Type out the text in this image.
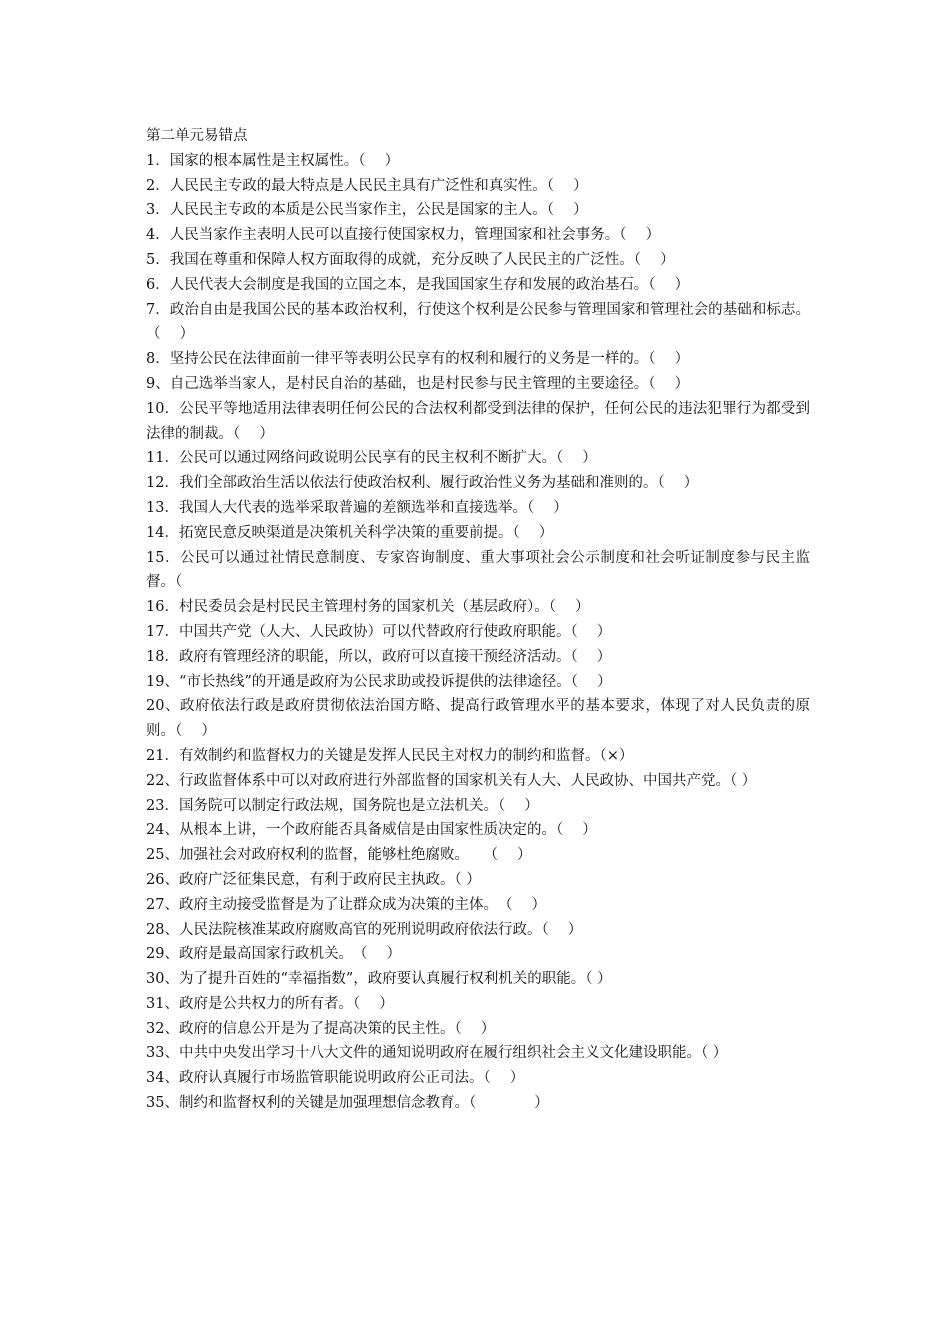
第二单元易错点
1．国家的根本属性是主权属性。（　 ）
2．人民民主专政的最大特点是人民民主具有广泛性和真实性。（　 ）
3．人民民主专政的本质是公民当家作主，公民是国家的主人。（　 ）
4．人民当家作主表明人民可以直接行使国家权力，管理国家和社会事务。（　 ）
5．我国在尊重和保障人权方面取得的成就，充分反映了人民民主的广泛性。（　 ）
6．人民代表大会制度是我国的立国之本，是我国国家生存和发展的政治基石。（　 ）
7．政治自由是我国公民的基本政治权利，行使这个权利是公民参与管理国家和管理社会的基础和标志。（　 ）
8．坚持公民在法律面前一律平等表明公民享有的权利和履行的义务是一样的。（　 ）
9、自己选举当家人，是村民自治的基础，也是村民参与民主管理的主要途径。（　 ）
10．公民平等地适用法律表明任何公民的合法权利都受到法律的保护，任何公民的违法犯罪行为都受到法律的制裁。（　 ）
11．公民可以通过网络问政说明公民享有的民主权利不断扩大。（　 ）
12．我们全部政治生活以依法行使政治权利、履行政治性义务为基础和准则的。（　 ）
13．我国人大代表的选举采取普遍的差额选举和直接选举。（　 ）
14．拓宽民意反映渠道是决策机关科学决策的重要前提。（　 ）
15．公民可以通过社情民意制度、专家咨询制度、重大事项社会公示制度和社会听证制度参与民主监督。（
16．村民委员会是村民民主管理村务的国家机关（基层政府）。（　 ）
17．中国共产党（人大、人民政协）可以代替政府行使政府职能。（　 ）
18．政府有管理经济的职能，所以，政府可以直接干预经济活动。（　 ）
19、“市长热线”的开通是政府为公民求助或投诉提供的法律途径。（　 ）
20、政府依法行政是政府贯彻依法治国方略、提高行政管理水平的基本要求，体现了对人民负责的原则。（　 ）
21．有效制约和监督权力的关键是发挥人民民主对权力的制约和监督。（×）
22、行政监督体系中可以对政府进行外部监督的国家机关有人大、人民政协、中国共产党。（ ）
23．国务院可以制定行政法规，国务院也是立法机关。（　 ）
24、从根本上讲，一个政府能否具备威信是由国家性质决定的。（　 ）
25、加强社会对政府权利的监督，能够杜绝腐败。　　（　 ）
26、政府广泛征集民意，有利于政府民主执政。（ ）
27、政府主动接受监督是为了让群众成为决策的主体。　（　 ）
28、人民法院核准某政府腐败高官的死刑说明政府依法行政。（　 ）
29、政府是最高国家行政机关。　（　 ）
30、为了提升百姓的“幸福指数”，政府要认真履行权利机关的职能。（ ）
31、政府是公共权力的所有者。（　 ）
32、政府的信息公开是为了提高决策的民主性。（　 ）
33、中共中央发出学习十八大文件的通知说明政府在履行组织社会主义文化建设职能。（ ）
34、政府认真履行市场监管职能说明政府公正司法。（　 ）
35、制约和监督权利的关键是加强理想信念教育。（　　　　）
